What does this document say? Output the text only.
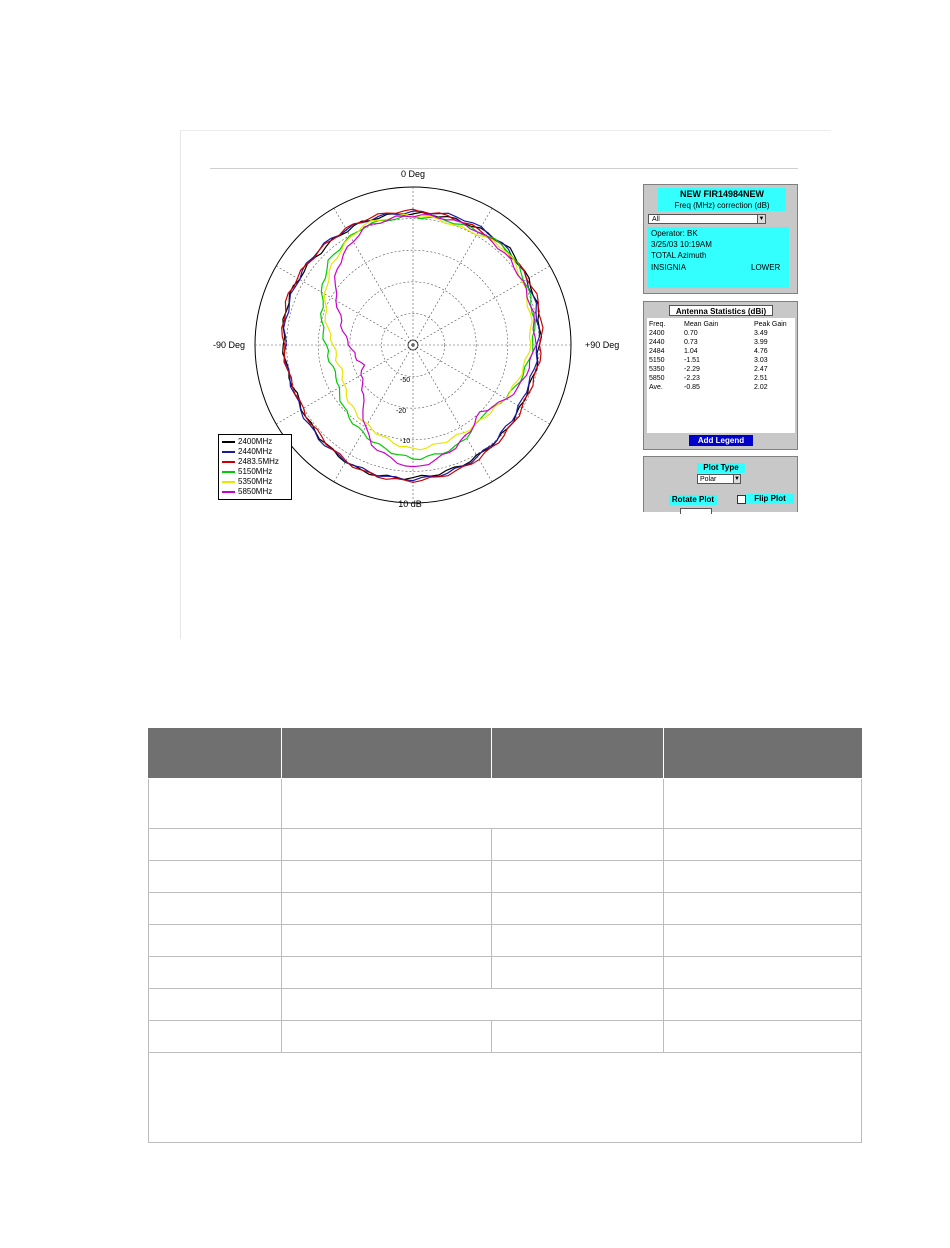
0 Deg
-90 Deg	+90 Deg
10 dB
-50
-20
-10
2400MHz
2440MHz
2483.5MHz
5150MHz
5350MHz
5850MHz
NEW FIR14984NEW
Freq (MHz) correction (dB)
All	▼
Operator: BK
3/25/03 10:19AM
TOTAL Azimuth
INSIGNIA	LOWER
Antenna Statistics (dBi)
Freq.	Mean Gain	Peak Gain
2400	0.70	3.49
2440	0.73	3.99
2484	1.04	4.76
5150	-1.51	3.03
5350	-2.29	2.47
5850	-2.23	2.51
Ave.	-0.85	2.02
Add Legend
Plot Type
Polar	▼
Rotate Plot	Flip Plot
